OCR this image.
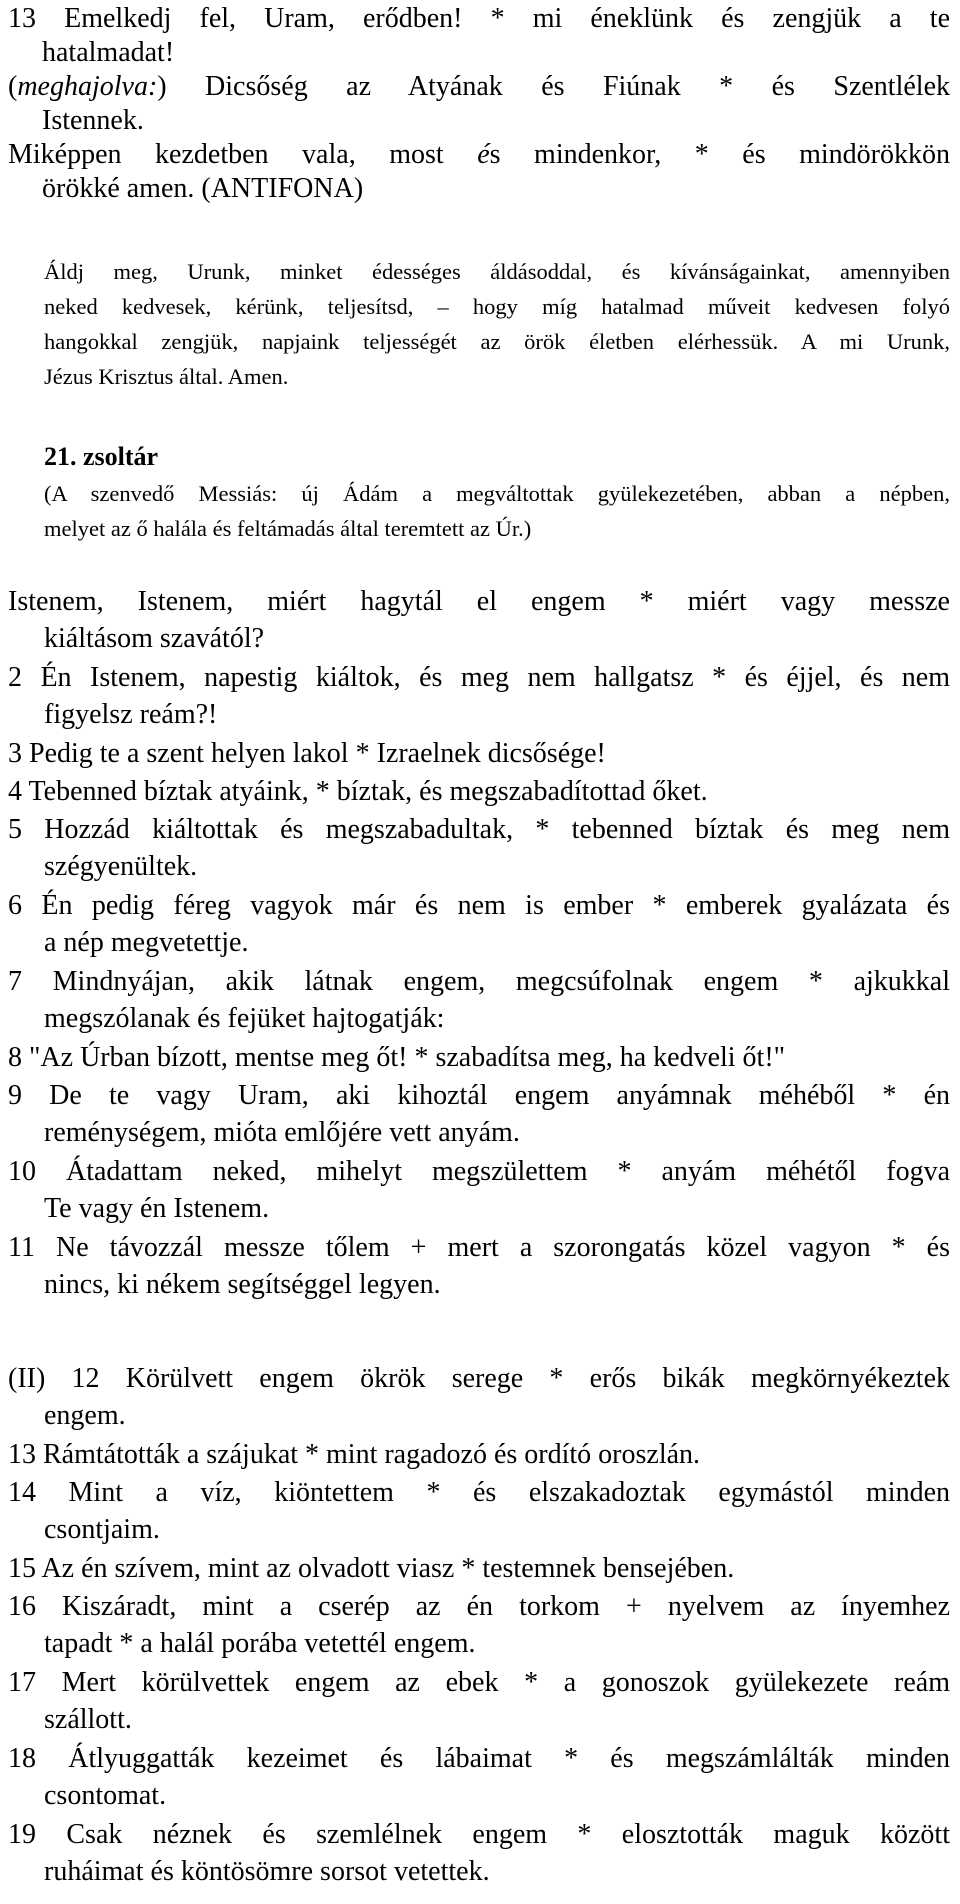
13 Emelkedj fel, Uram, erődben! * mi éneklünk és zengjük a te
hatalmadat!
(meghajolva:) Dicsőség az Atyának és Fiúnak * és Szentlélek
Istennek.
Miképpen kezdetben vala, most és mindenkor, * és mindörökkön
örökké amen. (ANTIFONA)
Áldj meg, Urunk, minket édességes áldásoddal, és kívánságainkat, amennyiben
neked kedvesek, kérünk, teljesítsd, – hogy míg hatalmad műveit kedvesen folyó
hangokkal zengjük, napjaink teljességét az örök életben elérhessük. A mi Urunk,
Jézus Krisztus által. Amen.
21. zsoltár
(A szenvedő Messiás: új Ádám a megváltottak gyülekezetében, abban a népben,
melyet az ő halála és feltámadás által teremtett az Úr.)
Istenem, Istenem, miért hagytál el engem * miért vagy messze
kiáltásom szavától?
2 Én Istenem, napestig kiáltok, és meg nem hallgatsz * és éjjel, és nem
figyelsz reám?!
3 Pedig te a szent helyen lakol * Izraelnek dicsősége!
4 Tebenned bíztak atyáink, * bíztak, és megszabadítottad őket.
5 Hozzád kiáltottak és megszabadultak, * tebenned bíztak és meg nem
szégyenültek.
6 Én pedig féreg vagyok már és nem is ember * emberek gyalázata és
a nép megvetettje.
7 Mindnyájan, akik látnak engem, megcsúfolnak engem * ajkukkal
megszólanak és fejüket hajtogatják:
8 "Az Úrban bízott, mentse meg őt! * szabadítsa meg, ha kedveli őt!"
9 De te vagy Uram, aki kihoztál engem anyámnak méhéből * én
reménységem, mióta emlőjére vett anyám.
10 Átadattam neked, mihelyt megszülettem * anyám méhétől fogva
Te vagy én Istenem.
11 Ne távozzál messze tőlem + mert a szorongatás közel vagyon * és
nincs, ki nékem segítséggel legyen.
(II) 12 Körülvett engem ökrök serege * erős bikák megkörnyékeztek
engem.
13 Rámtátották a szájukat * mint ragadozó és ordító oroszlán.
14 Mint a víz, kiöntettem * és elszakadoztak egymástól minden
csontjaim.
15 Az én szívem, mint az olvadott viasz * testemnek bensejében.
16 Kiszáradt, mint a cserép az én torkom + nyelvem az ínyemhez
tapadt * a halál porába vetettél engem.
17 Mert körülvettek engem az ebek * a gonoszok gyülekezete reám
szállott.
18 Átlyuggatták kezeimet és lábaimat * és megszámlálták minden
csontomat.
19 Csak néznek és szemlélnek engem * elosztották maguk között
ruháimat és köntösömre sorsot vetettek.
